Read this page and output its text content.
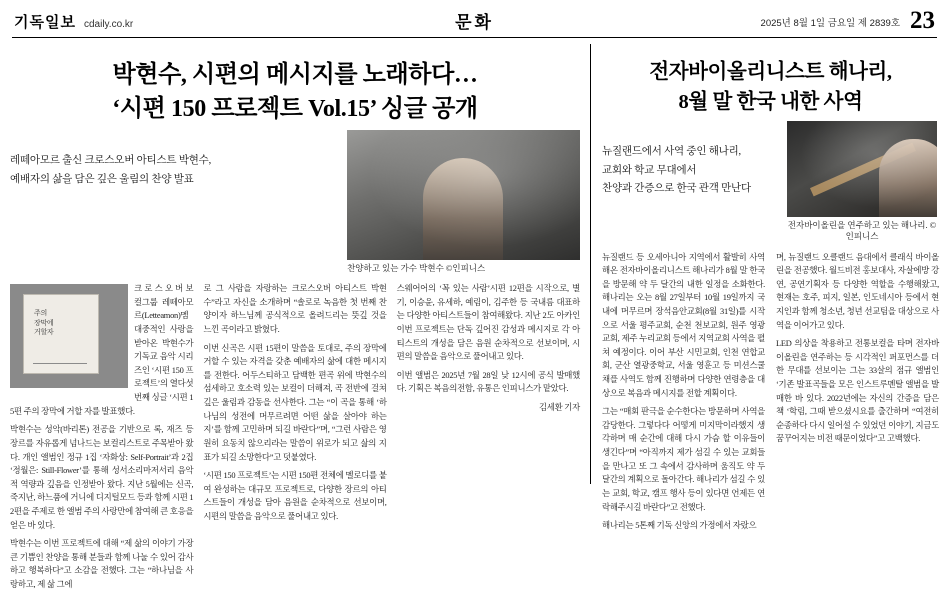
기독일보 cdaily.co.kr	문화	2025년 8월 1일 금요일 제 2839호 23
박현수, 시편의 메시지를 노래하다…
‘시편 150 프로젝트 Vol.15’ 싱글 공개
레떼아모르 출신 크로스오버 아티스트 박현수,
예배자의 삶을 담은 깊은 울림의 찬양 발표
찬양하고 있는 가수 박현수 ©인피니스
주의
장막에
거할자

크 로 스 오 버 보컬그룹 레떼아모르(Letteamon)멤 대중적인 사랑을 받아온 박현수가 기독교 음악 시리즈인 ‘시편 150 프로젝트’의 열다섯 번째 싱글 ‘시편 15편 주의 장막에 거할 자를 발표했다.

박현수는 성악(바리톤) 전공을 기반으로 록, 재즈 등 장르를 자유롭게 넘나드는 보컬리스트로 주목받아 왔다. 개인 앨범인 정규 1집 ‘자화상: Self-Portrait’과 2집 ‘정월은: Still-Flower’를 통해 성서소리마저서리 음악적 역량과 깊음을 인정받아 왔다. 지난 5월에는 신곡, 죽지난, 하느품에 거니에 디지털모드 등과 함께 시편 12편을 주제로 한 앨범 주의 사랑만에 참여해 큰 호응을 얻은 바 있다.

박현수는 이번 프로젝트에 대해 “제 삶의 이야기 가장 큰 기쁨인 찬양을 통해 분들과 함께 나눌 수 있어 감사하고 행복하다”고 소감을 전했다. 그는 “하나님을 사랑하고, 제 삶 그에

로 그 사람을 자랑하는 크로스오버 아티스트 박현수”라고 자신을 소개하며 “솔로로 녹음한 첫 번째 찬양이자 하느님께 공식적으로 올려드리는 뜻깊 것을 느낀 곡이라고 밝혔다.

이번 신곡은 시편 15편이 말씀을 토대로, 주의 장막에 거할 수 있는 자격을 갖춘 예배자의 삶에 대한 메시지를 전한다. 어두스티하고 담백한 편곡 위에 박현수의 섬세하고 호소력 있는 보컬이 더해져, 곡 전반에 걸쳐 깊은 울림과 감동을 선사한다. 그는 “이 곡을 통해 ‘하나님의 성전에 머무르려면 어떤 삶을 살아야 하는지’를 함께 고민하며 되길 바란다”며, “그런 사람은 영원히 요동치 않으리라는 말씀이 위로가 되고 삶의 지표가 되길 소망한다”고 덧붙였다.

‘시편 150 프로젝트’는 시편 150편 전체에 멜로디를 붙여 완성하는 대규모 프로젝트로, 다양한 장르의 아티스트들이 개성을 담아 음원을 순차적으로 선보이며, 시편의 말씀을 음악으로 풀어내고 있다.

스웨어어의 ‘꼭 있는 사람’시편 12편을 시작으로, 별기, 이승윤, 유세하, 예림이, 김주한 등 국내름 대표하는 다양한 아티스트들이 참여해왔다. 지난 2도 아카인 이번 프로젝트는 단독 깊어진 감성과 메시지로 각 아티스트의 개성을 담은 음원 순차적으로 선보이며, 시편의 말씀을 음악으로 풀어내고 있다.

이번 앨범은 2025년 7월 28일 낮 12시에 공식 발매했다. 기획은 복음의전함, 유통은 인피니스가 맡았다.

김세환 기자
전자바이올리니스트 해나리,
8월 말 한국 내한 사역
뉴질랜드에서 사역 중인 해나리,
교회와 학교 무대에서
찬양과 간증으로 한국 관객 만난다
전자바이올린을 연주하고 있는 해나리. ©인피니스

뉴질랜드 등 오세아니아 지역에서 활발히 사역해온 전자바이올리니스트 해나리가 8월 말 한국을 방문해 약 두 달간의 내한 일정을 소화한다. 해나리는 오는 8월 27일부터 10월 19일까지 국내에 머무르며 장석음안교회(8월 31일)를 시작으로 서울 평주교회, 순천 천보교회, 원주 영광교회, 제주 누리교회 등에서 지역교회 사역을 펼쳐 예정이다. 이어 부산 시민교회, 인천 연합교회, 군산 열광중학교, 서울 영훈고 등 미션스쿨 채플 사역도 함께 진행하며 다양한 연령층을 대상으로 복음과 메시지를 전할 계획이다.

그는 “매회 판극을 순수한다는 방문하며 사역을 감당한다. 그렇다다 어떻게 미지막이라했지 생각하며 매 순간에 대해 다시 가슴 할 이유들이 생긴다”며 “아직까지 제가 섬길 수 있는 교회들을 만나고 또 그 속에서 감사하며 움직도 약 두 달간의 계획으로 돌아간다. 해나리가 섬길 수 있는 교회, 학교, 캠프 행사 등이 있다면 언제든 연락해주시길 바란다”고 전했다.

해나리는 5톤째 기독 신앙의 가정에서 자랐으

며, 뉴질랜드 오클랜드 음대에서 클래식 바이올린을 전공했다. 월드비전 홍보대사, 자살에방 강연, 공연기획자 등 다양한 역할을 수행해왔고, 현재는 호주, 피지, 일본, 인도네시아 등에서 현지인과 함께 청소년, 청년 선교팀을 대상으로 사역을 이어가고 있다.

LED 의상을 착용하고 전통보컬을 타며 전자바이올린을 연주하는 등 시각적인 퍼포먼스를 더한 무대를 선보이는 그는 33살의 점규 앨범인 ‘기존 발표곡들을 모은 인스트루멘탈 앨범을 발매한 바 있다. 2022년에는 자신의 간증을 담은 책 ‘학림, 그때 받으셨시요를 출간하며 “여전히 순종하다 다시 일어설 수 있었던 이야기, 지금도 꿈꾸어지는 비전 때문이었다”고 고백했다.
